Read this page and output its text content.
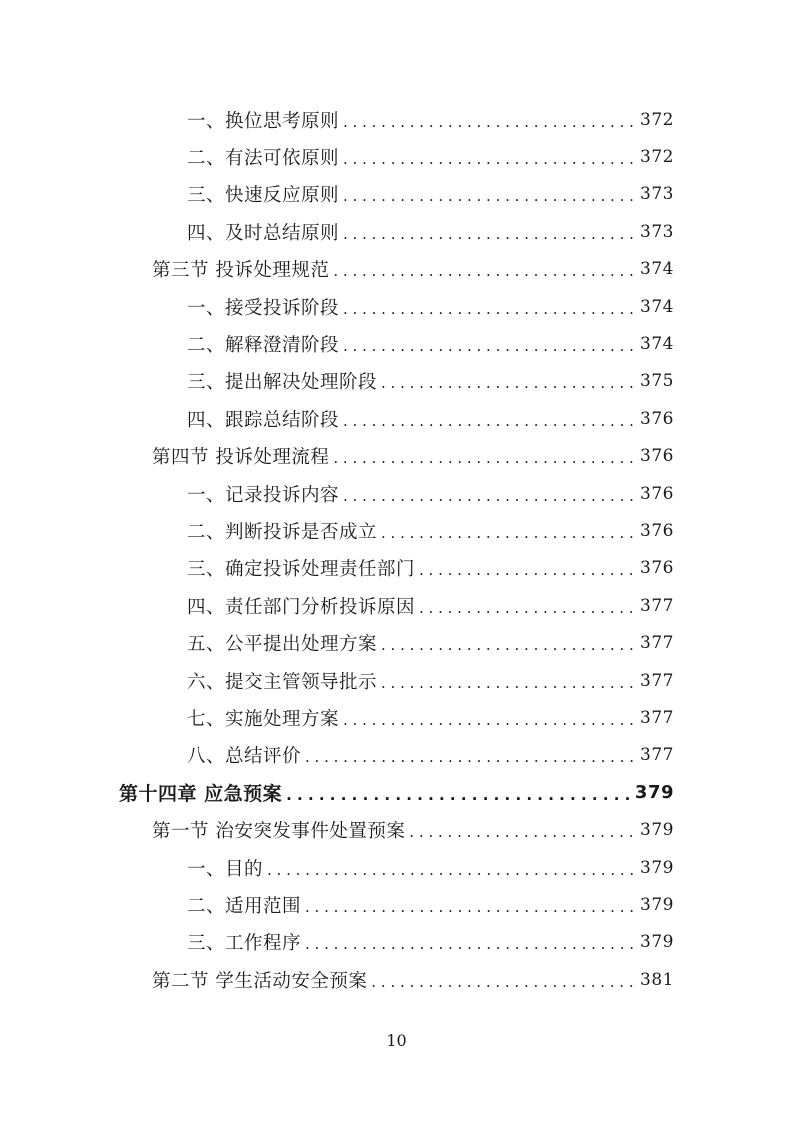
一、换位思考原则 . . .	372
二、有法可依原则 . . .	372
三、快速反应原则 . . .	373
四、及时总结原则 . . .	373
第三节 投诉处理规范 . . .	374
一、接受投诉阶段 . . .	374
二、解释澄清阶段 . . .	374
三、提出解决处理阶段 . . .	375
四、跟踪总结阶段 . . .	376
第四节 投诉处理流程 . . .	376
一、记录投诉内容 . . .	376
二、判断投诉是否成立 . . .	376
三、确定投诉处理责任部门 . . .	376
四、责任部门分析投诉原因 . . .	377
五、公平提出处理方案 . . .	377
六、提交主管领导批示 . . .	377
七、实施处理方案 . . .	377
八、总结评价 . . .	377
第十四章 应急预案 . . .	379
第一节 治安突发事件处置预案 . . .	379
一、目的 . . .	379
二、适用范围 . . .	379
三、工作程序 . . .	379
第二节 学生活动安全预案 . . .	381
10
